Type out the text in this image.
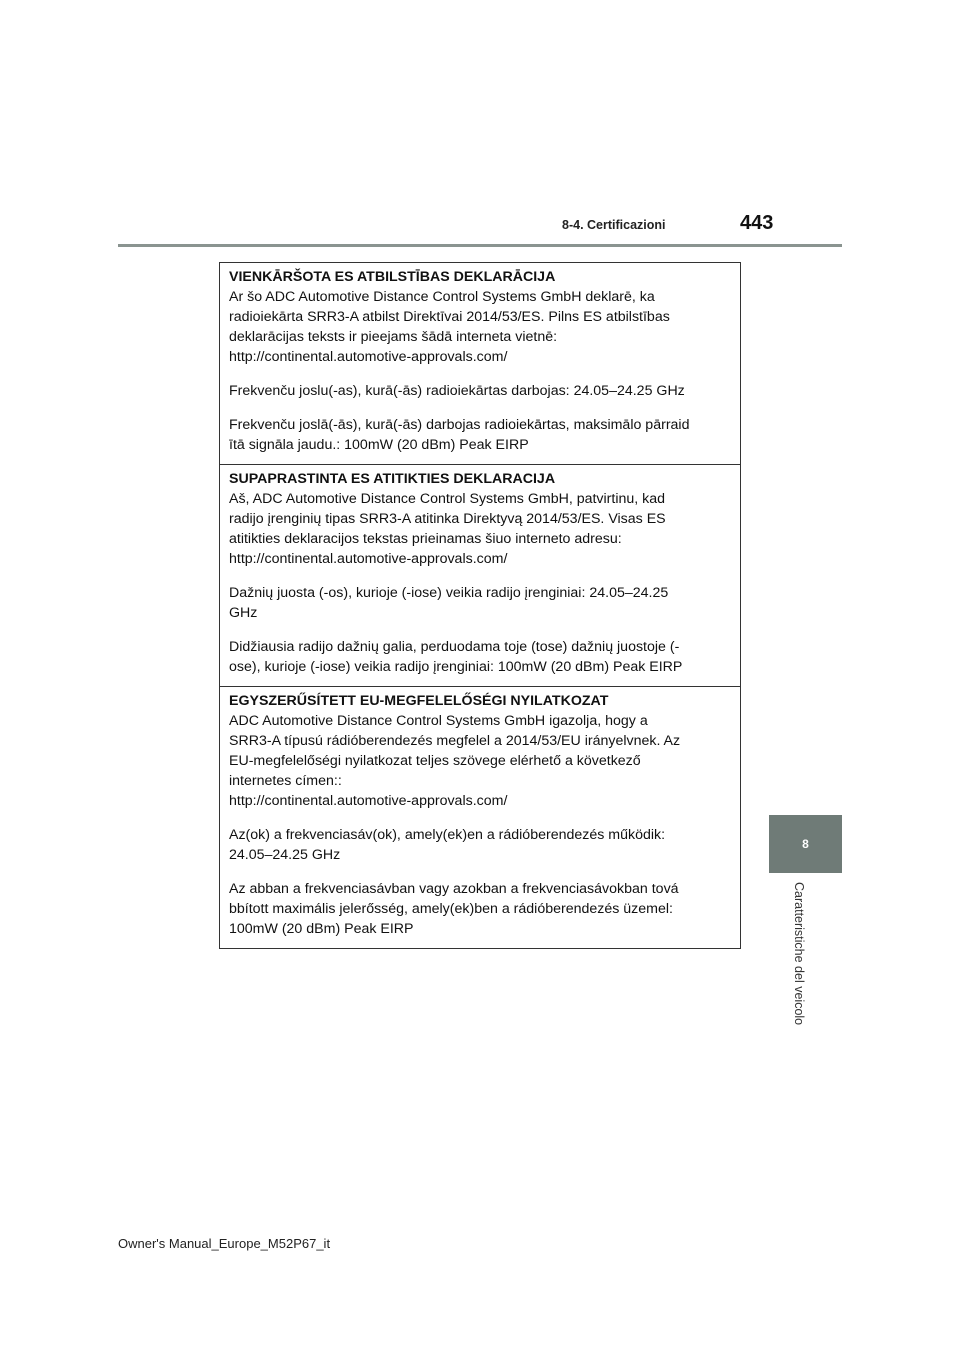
8-4. Certificazioni	443
8
Caratteristiche del veicolo
VIENKĀRŠOTA ES ATBILSTĪBAS DEKLARĀCIJA

Ar šo ADC Automotive Distance Control Systems GmbH deklarē, ka
radioiekārta SRR3-A atbilst Direktīvai 2014/53/ES. Pilns ES atbilstības
deklarācijas teksts ir pieejams šādā interneta vietnē:
http://continental.automotive-approvals.com/

Frekvenču joslu(-as), kurā(-ās) radioiekārtas darbojas: 24.05–24.25 GHz

Frekvenču joslā(-ās), kurā(-ās) darbojas radioiekārtas, maksimālo pārraid
ītā signāla jaudu.: 100mW (20 dBm) Peak EIRP

SUPAPRASTINTA ES ATITIKTIES DEKLARACIJA

Aš, ADC Automotive Distance Control Systems GmbH, patvirtinu, kad
radijo įrenginių tipas SRR3-A atitinka Direktyvą 2014/53/ES. Visas ES
atitikties deklaracijos tekstas prieinamas šiuo interneto adresu:
http://continental.automotive-approvals.com/

Dažnių juosta (-os), kurioje (-iose) veikia radijo įrenginiai: 24.05–24.25
GHz

Didžiausia radijo dažnių galia, perduodama toje (tose) dažnių juostoje (-
ose), kurioje (-iose) veikia radijo įrenginiai: 100mW (20 dBm) Peak EIRP

EGYSZERŰSÍTETT EU-MEGFELELŐSÉGI NYILATKOZAT

ADC Automotive Distance Control Systems GmbH igazolja, hogy a
SRR3-A típusú rádióberendezés megfelel a 2014/53/EU irányelvnek. Az
EU-megfelelőségi nyilatkozat teljes szövege elérhető a következő
internetes címen::
http://continental.automotive-approvals.com/

Az(ok) a frekvenciasáv(ok), amely(ek)en a rádióberendezés működik:
24.05–24.25 GHz

Az abban a frekvenciasávban vagy azokban a frekvenciasávokban tová
bbított maximális jelerősség, amely(ek)ben a rádióberendezés üzemel:
100mW (20 dBm) Peak EIRP

Owner's Manual_Europe_M52P67_it
